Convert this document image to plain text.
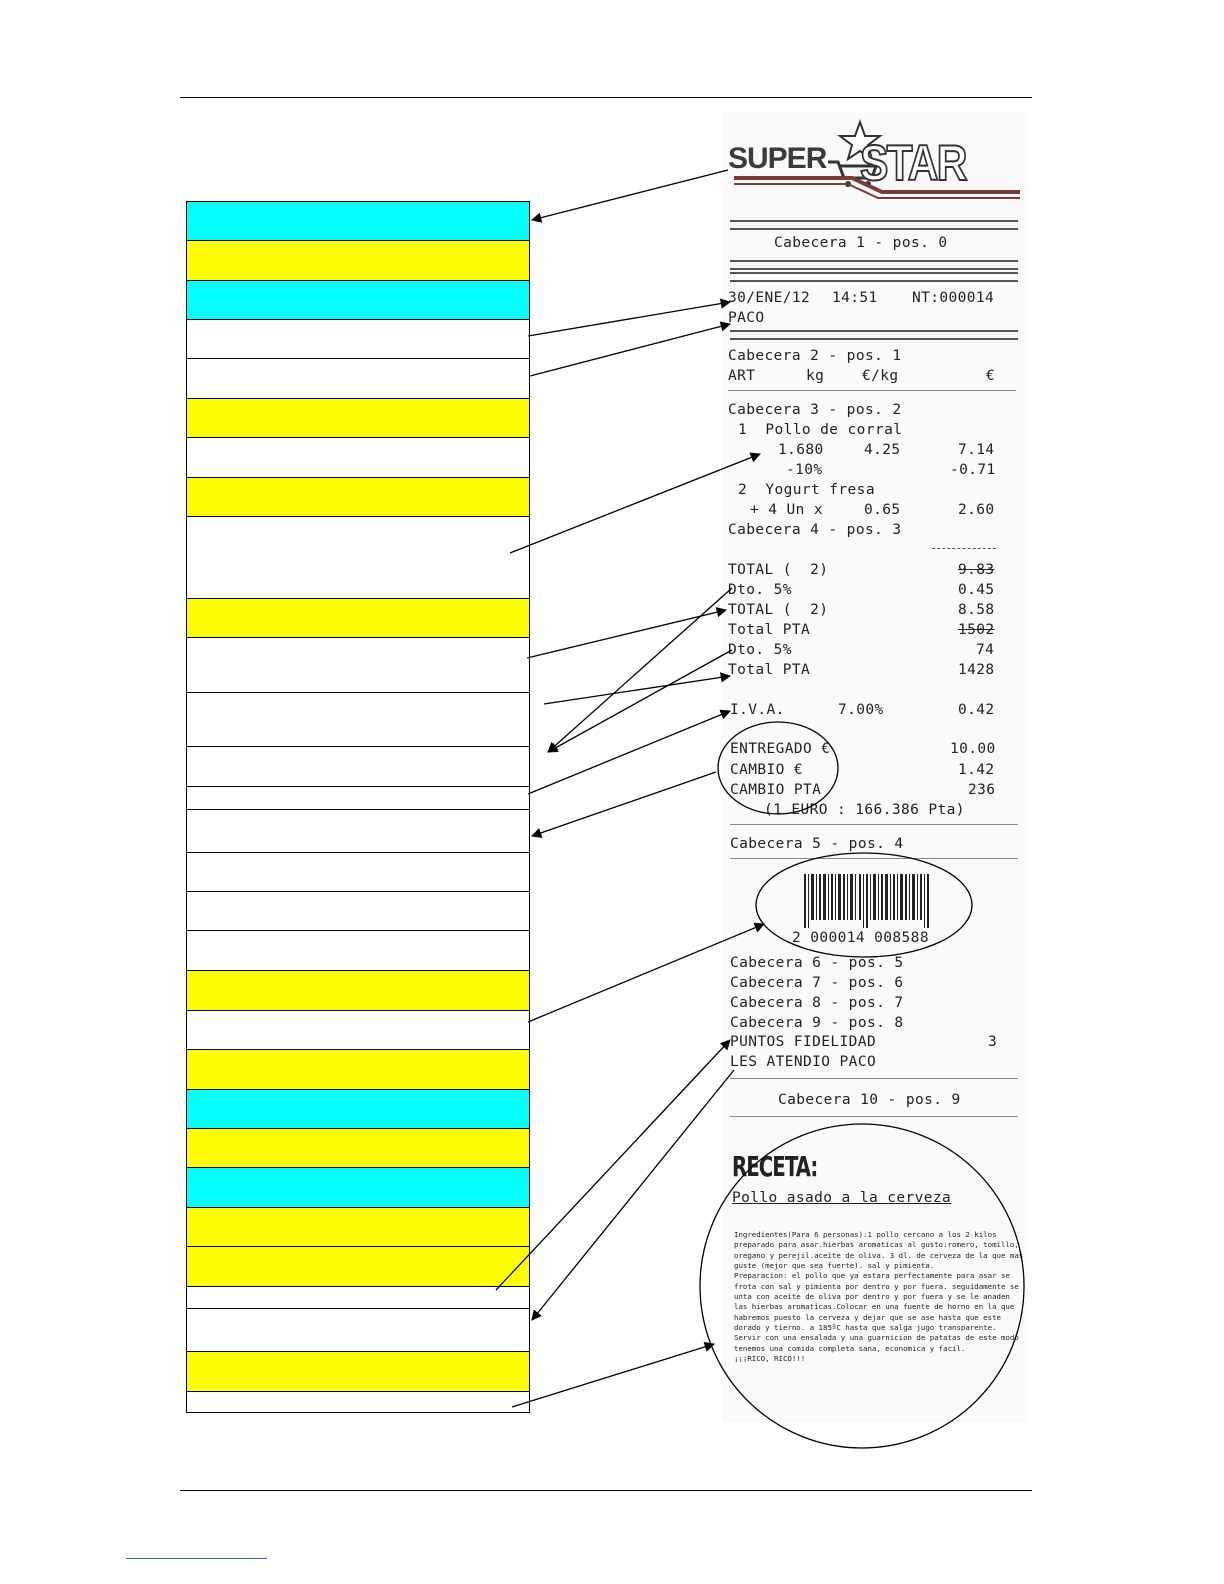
SUPER STAR
Cabecera 1 - pos. 0
30/ENE/12 14:51 NT:000014
PACO
Cabecera 2 - pos. 1
ART	kg	€/kg	€
Cabecera 3 - pos. 2
1  Pollo de corral
1.680	4.25	7.14
-10%	-0.71
2  Yogurt fresa
+ 4 Un x	0.65	2.60
Cabecera 4 - pos. 3
TOTAL (  2)	9.83
Dto. 5%	0.45
TOTAL (  2)	8.58
Total PTA	1502
Dto. 5%	74
Total PTA	1428
I.V.A.	7.00%	0.42
ENTREGADO €	10.00
CAMBIO €	1.42
CAMBIO PTA	236
(1 EURO : 166.386 Pta)
Cabecera 5 - pos. 4
2 000014 008588
Cabecera 6 - pos. 5
Cabecera 7 - pos. 6
Cabecera 8 - pos. 7
Cabecera 9 - pos. 8
PUNTOS FIDELIDAD	3
LES ATENDIO PACO
Cabecera 10 - pos. 9
RECETA:
Pollo asado a la cerveza

Ingredientes(Para 6 personas):1 pollo cercano a los 2 kilos preparado para asar.hierbas aromaticas al gusto:romero, tomillo, oregano y perejil.aceite de oliva. 3 dl. de cerveza de la que mas guste (mejor que sea fuerte). sal y pimienta.

Preparacion: el pollo que ya estara perfectamente para asar se frota con sal y pimienta por dentro y por fuera. seguidamente se unta con aceite de oliva por dentro y por fuera y se le anaden las hierbas aromaticas.Colocar en una fuente de horno en la que habremos puesto la cerveza y dejar que se ase hasta que este dorado y tierno. a 185ºC hasta que salga jugo transparente.

Servir con una ensalada y una guarnicion de patatas de este modo tenemos una comida completa sana, economica y facil.

¡¡¡RICO, RICO!!!
